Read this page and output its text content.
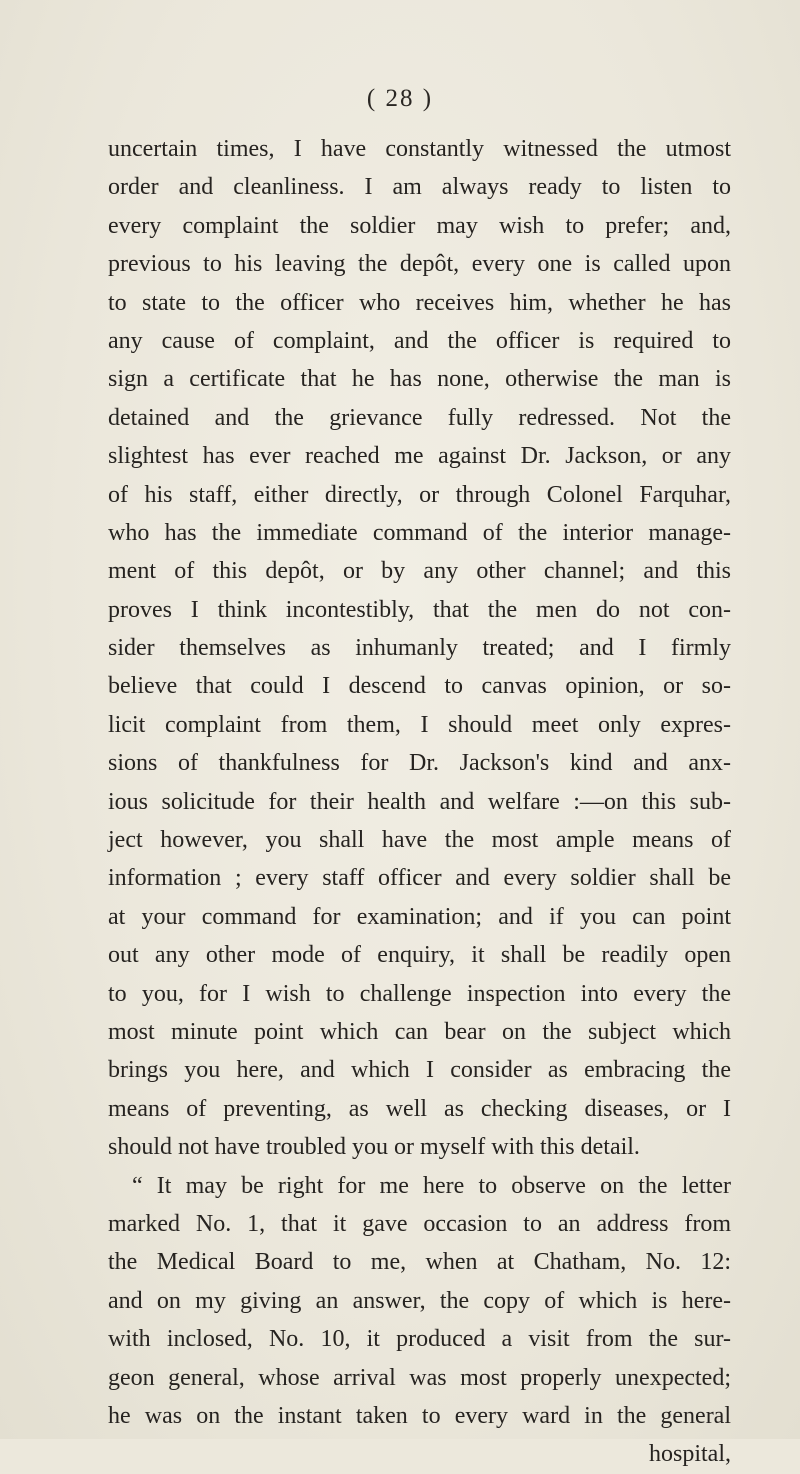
( 28 )
uncertain times, I have constantly witnessed the utmost
order and cleanliness. I am always ready to listen to
every complaint the soldier may wish to prefer; and,
previous to his leaving the depôt, every one is called upon
to state to the officer who receives him, whether he has
any cause of complaint, and the officer is required to
sign a certificate that he has none, otherwise the man is
detained and the grievance fully redressed. Not the
slightest has ever reached me against Dr. Jackson, or any
of his staff, either directly, or through Colonel Farquhar,
who has the immediate command of the interior manage-
ment of this depôt, or by any other channel; and this
proves I think incontestibly, that the men do not con-
sider themselves as inhumanly treated; and I firmly
believe that could I descend to canvas opinion, or so-
licit complaint from them, I should meet only expres-
sions of thankfulness for Dr. Jackson's kind and anx-
ious solicitude for their health and welfare :—on this sub-
ject however, you shall have the most ample means of
information ; every staff officer and every soldier shall be
at your command for examination; and if you can point
out any other mode of enquiry, it shall be readily open
to you, for I wish to challenge inspection into every the
most minute point which can bear on the subject which
brings you here, and which I consider as embracing the
means of preventing, as well as checking diseases, or I
should not have troubled you or myself with this detail.
“ It may be right for me here to observe on the letter
marked No. 1, that it gave occasion to an address from
the Medical Board to me, when at Chatham, No. 12:
and on my giving an answer, the copy of which is here-
with inclosed, No. 10, it produced a visit from the sur-
geon general, whose arrival was most properly unexpected;
he was on the instant taken to every ward in the general
hospital,
